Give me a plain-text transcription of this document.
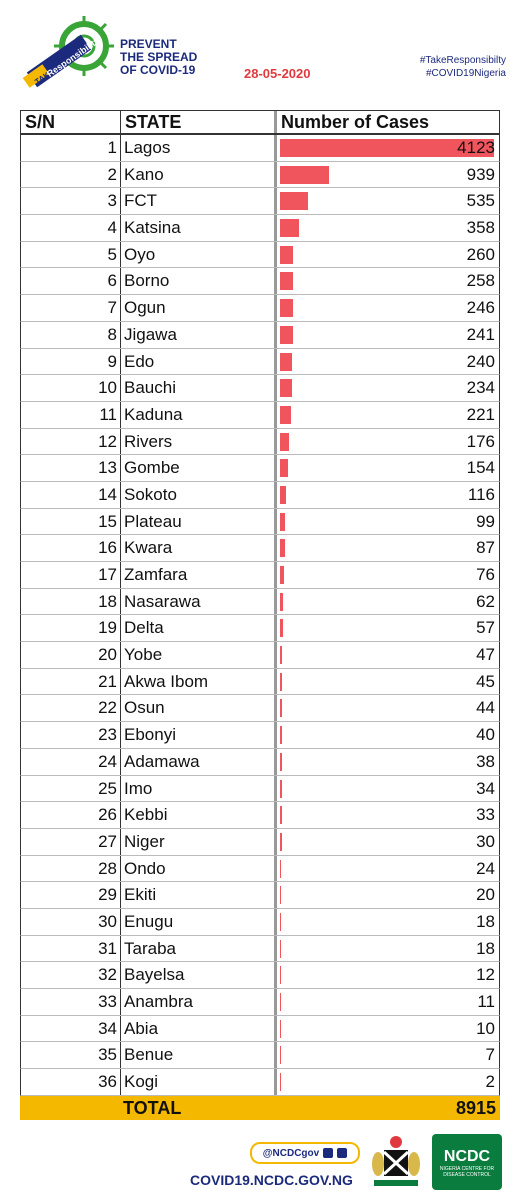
TAKE
Responsibility PREVENT
THE SPREAD
OF COVID-19	28-05-2020
#TakeResponsibilty
#COVID19Nigeria
S/N	STATE	Number of Cases
1 Lagos	4123
2 Kano	939
3 FCT	535
4 Katsina	358
5 Oyo	260
6 Borno	258
7 Ogun	246
8 Jigawa	241
9 Edo	240
10 Bauchi	234
11 Kaduna	221
12 Rivers	176
13 Gombe	154
14 Sokoto	116
15 Plateau	99
16 Kwara	87
17 Zamfara	76
18 Nasarawa	62
19 Delta	57
20 Yobe	47
21 Akwa Ibom	45
22 Osun	44
23 Ebonyi	40
24 Adamawa	38
25 Imo	34
26 Kebbi	33
27 Niger	30
28 Ondo	24
29 Ekiti	20
30 Enugu	18
31 Taraba	18
32 Bayelsa	12
33 Anambra	11
34 Abia	10
35 Benue	7
36 Kogi	2
TOTAL	8915
@NCDCgov
COVID19.NCDC.GOV.NG
NCDC
NIGERIA CENTRE FOR DISEASE CONTROL
